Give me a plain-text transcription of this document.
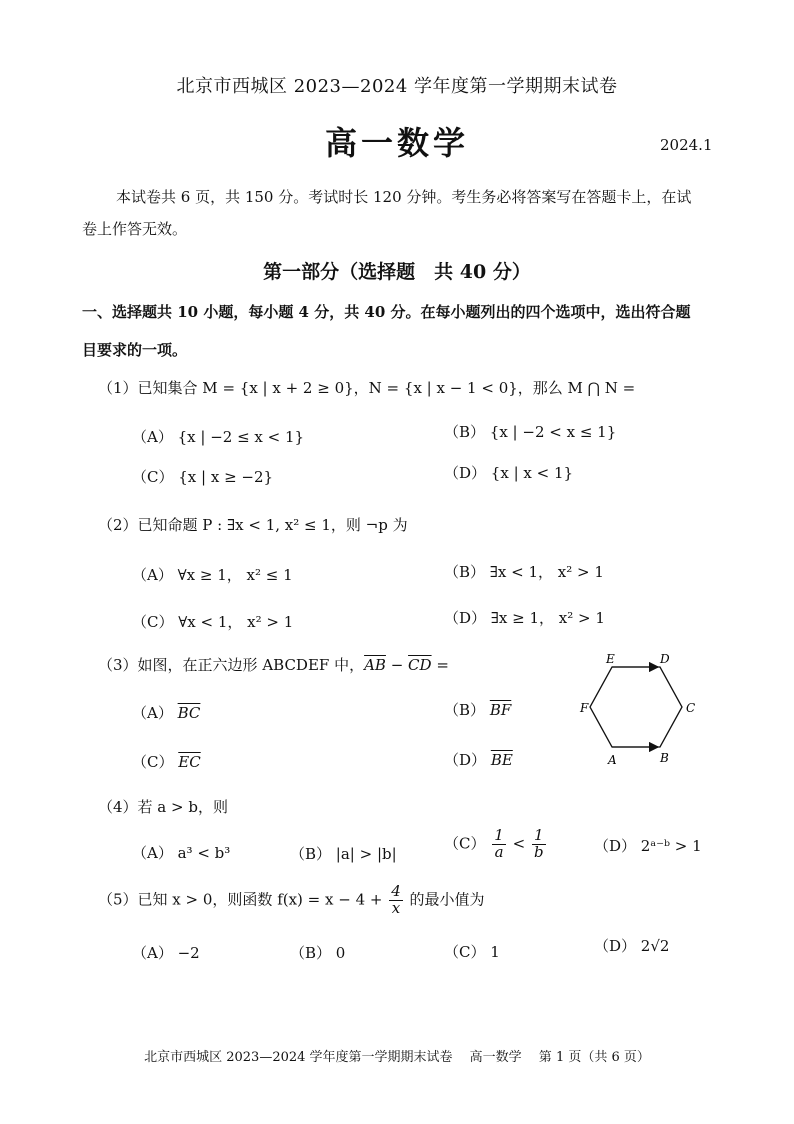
北京市西城区 2023—2024 学年度第一学期期末试卷
高一数学	2024.1
本试卷共 6 页，共 150 分。考试时长 120 分钟。考生务必将答案写在答题卡上，在试
卷上作答无效。
第一部分（选择题　共 40 分）
一、选择题共 10 小题，每小题 4 分，共 40 分。在每小题列出的四个选项中，选出符合题
目要求的一项。
（1）已知集合 M = {x | x + 2 ≥ 0}，N = {x | x − 1 < 0}，那么 M ⋂ N =
（A） {x | −2 ≤ x < 1}	（B） {x | −2 < x ≤ 1}
（C） {x | x ≥ −2}	（D） {x | x < 1}
（2）已知命题 P : ∃x < 1, x² ≤ 1，则 ¬p 为
（A） ∀x ≥ 1， x² ≤ 1	（B） ∃x < 1， x² > 1
（C） ∀x < 1， x² > 1	（D） ∃x ≥ 1， x² > 1
（3）如图，在正六边形 ABCDEF 中，$\overline{AB} - \overline{CD}$ =
（A） $\overline{BC}$	（B） $\overline{BF}$
（C） $\overline{EC}$	（D） $\overline{BE}$	A	B
C
D
E
F
（4）若 a > b，则
（A） a³ < b³	（B） |a| > |b|
$(C) \frac{1}{a} < \frac{1}{b}$	（D） 2ᵃ⁻ᵇ > 1
（5）已知 x > 0，则函数 $f(x) = x - 4 + \frac{4}{x}$ 的最小值为
（A） −2	（B） 0	（C） 1	（D） 2√2
北京市西城区 2023—2024 学年度第一学期期末试卷　 高一数学　 第 1 页（共 6 页）
